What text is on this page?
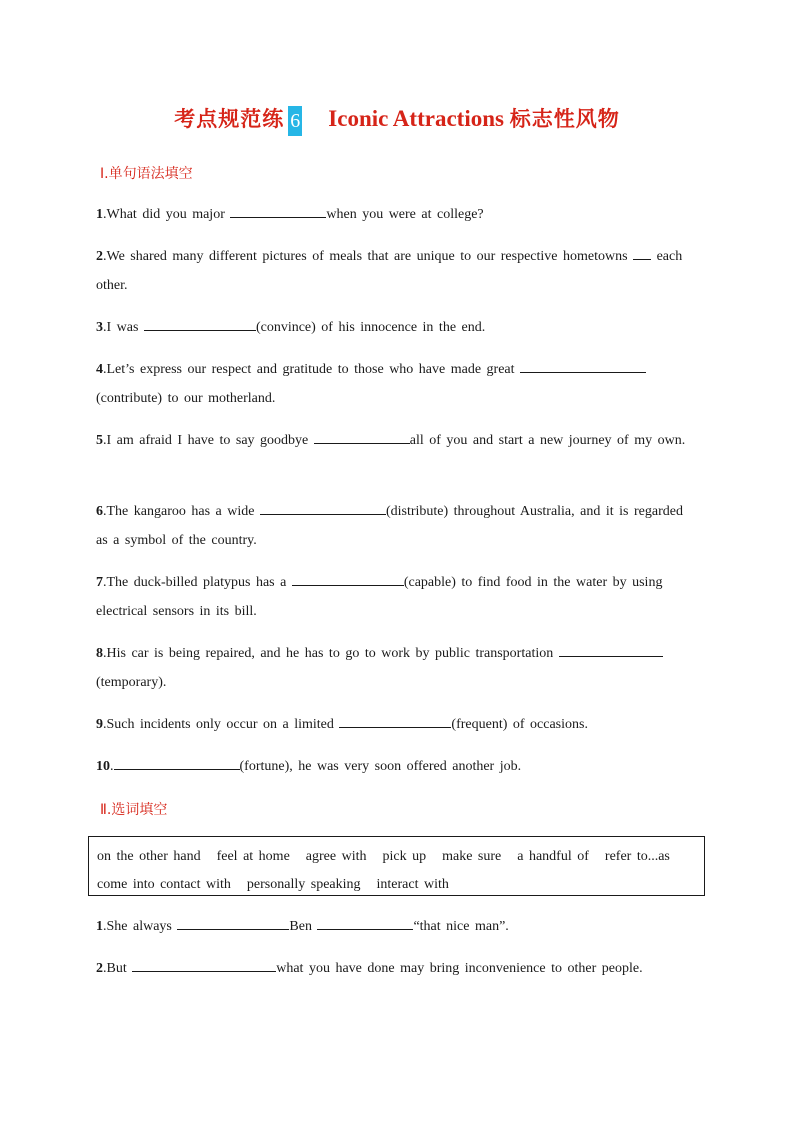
考点规范练 6 Iconic Attractions 标志性风物
Ⅰ.单句语法填空
1.What did you major	when you were at college?
2.We shared many different pictures of meals that are unique to our respective hometowns  each other.
3.I was	(convince) of his innocence in the end.
4.Let’s express our respect and gratitude to those who have made great  (contribute) to our motherland.
5.I am afraid I have to say goodbye	all of you and start a new journey of my own.
6.The kangaroo has a wide	(distribute) throughout Australia, and it is regarded as a symbol of the country.
7.The duck-billed platypus has a	(capable) to find food in the water by using electrical sensors in its bill.
8.His car is being repaired, and he has to go to work by public transportation  (temporary).
9.Such incidents only occur on a limited	(frequent) of occasions.
10.	(fortune), he was very soon offered another job.
Ⅱ.选词填空
on the other hand feel at home agree with pick up make sure a handful of refer to...ascome into contact with personally speaking interact with
1.She always	Ben	“that nice man”.
2.But	what you have done may bring inconvenience to other people.
